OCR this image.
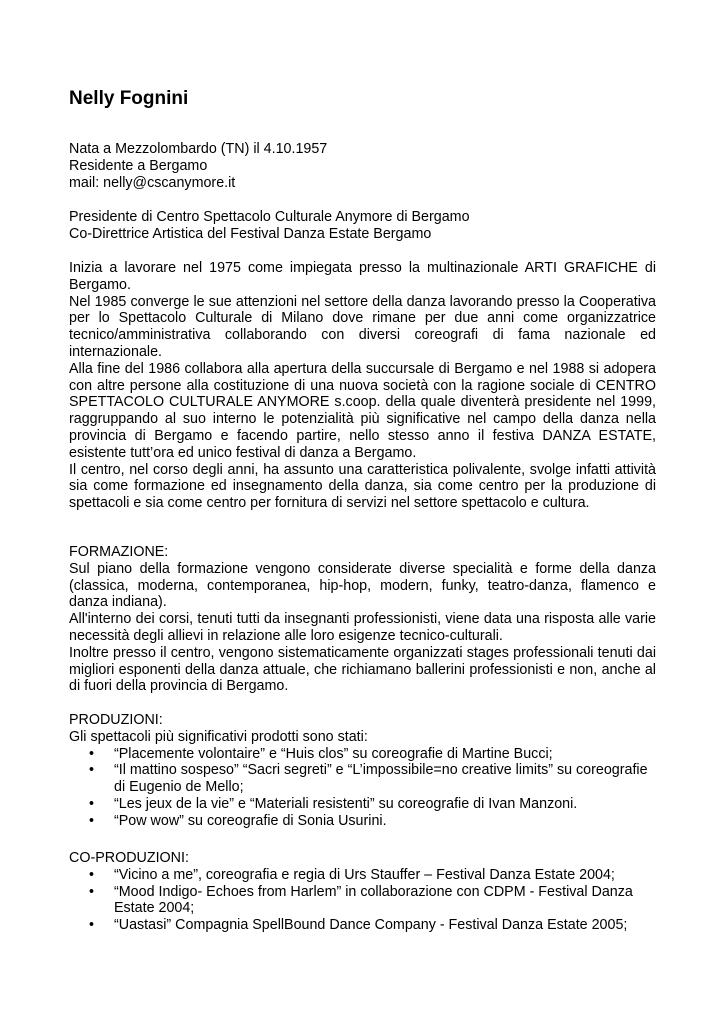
Nelly Fognini

Nata a Mezzolombardo (TN) il 4.10.1957

Residente a Bergamo

mail: nelly@cscanymore.it

Presidente di Centro Spettacolo Culturale Anymore di Bergamo

Co-Direttrice Artistica del Festival Danza Estate Bergamo

Inizia a lavorare nel 1975 come impiegata presso la multinazionale ARTI GRAFICHE di Bergamo.

Nel 1985 converge le sue attenzioni nel settore della danza lavorando presso la Cooperativa per lo Spettacolo Culturale di Milano dove rimane per due anni come organizzatrice tecnico/amministrativa collaborando con diversi coreografi di fama nazionale ed internazionale.

Alla fine del 1986 collabora alla apertura della succursale di Bergamo e nel 1988 si adopera con altre persone alla costituzione di una nuova società con la ragione sociale di CENTRO SPETTACOLO CULTURALE ANYMORE s.coop. della quale diventerà presidente nel 1999, raggruppando al suo interno le potenzialità più significative nel campo della danza nella provincia di Bergamo e facendo partire, nello stesso anno il festiva DANZA ESTATE, esistente tutt’ora ed unico festival di danza a Bergamo.

Il centro, nel corso degli anni, ha assunto una caratteristica polivalente, svolge infatti attività sia come formazione ed insegnamento della danza, sia come centro per la produzione di spettacoli e sia come centro per fornitura di servizi nel settore spettacolo e cultura.

FORMAZIONE:

Sul piano della formazione vengono considerate diverse specialità e forme della danza (classica, moderna, contemporanea, hip-hop, modern, funky, teatro-danza, flamenco e danza indiana).

All'interno dei corsi, tenuti tutti da insegnanti professionisti, viene data una risposta alle varie necessità degli allievi in relazione alle loro esigenze tecnico-culturali.

Inoltre presso il centro, vengono sistematicamente organizzati stages professionali tenuti dai migliori esponenti della danza attuale, che richiamano ballerini professionisti e non, anche al di fuori della provincia di Bergamo.

PRODUZIONI:

Gli spettacoli più significativi prodotti sono stati:

• “Placemente volontaire” e “Huis clos” su coreografie di Martine Bucci;
• “Il mattino sospeso” “Sacri segreti” e “L’impossibile=no creative limits” su coreografie di Eugenio de Mello;
• “Les jeux de la vie” e “Materiali resistenti” su coreografie di Ivan Manzoni.
• “Pow wow” su coreografie di Sonia Usurini.

CO-PRODUZIONI:

• “Vicino a me”, coreografia e regia di Urs Stauffer – Festival Danza Estate 2004;
• “Mood Indigo- Echoes from Harlem” in collaborazione con CDPM - Festival Danza Estate 2004;
• “Uastasi” Compagnia SpellBound Dance Company - Festival Danza Estate 2005;
